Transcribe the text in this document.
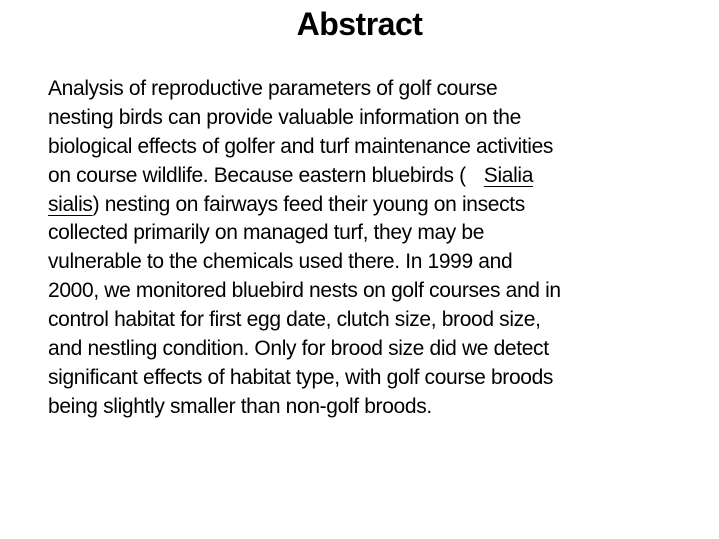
Abstract
Analysis of reproductive parameters of golf course
nesting birds can provide valuable information on the
biological effects of golfer and turf maintenance activities
on course wildlife. Because eastern bluebirds ( Sialia
sialis) nesting on fairways feed their young on insects
collected primarily on managed turf, they may be
vulnerable to the chemicals used there. In 1999 and
2000, we monitored bluebird nests on golf courses and in
control habitat for first egg date, clutch size, brood size,
and nestling condition. Only for brood size did we detect
significant effects of habitat type, with golf course broods
being slightly smaller than non-golf broods.
